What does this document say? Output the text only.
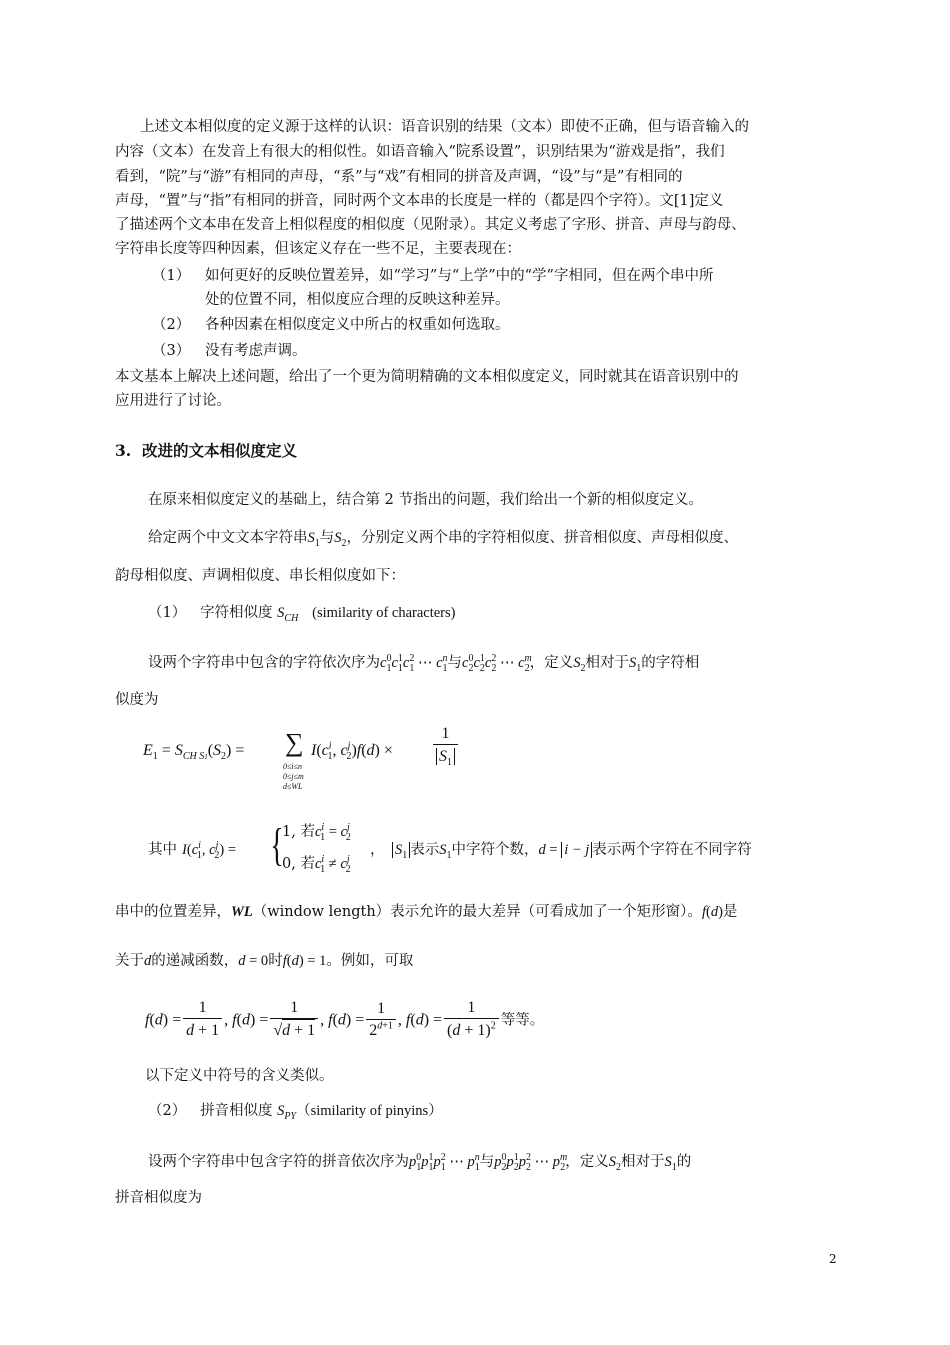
上述文本相似度的定义源于这样的认识：语音识别的结果（文本）即使不正确，但与语音输入的
内容（文本）在发音上有很大的相似性。如语音输入“院系设置”，识别结果为“游戏是指”，我们
看到，“院”与“游”有相同的声母，“系”与“戏”有相同的拼音及声调，“设”与“是”有相同的
声母，“置”与“指”有相同的拼音，同时两个文本串的长度是一样的（都是四个字符）。文[1]定义
了描述两个文本串在发音上相似程度的相似度（见附录）。其定义考虑了字形、拼音、声母与韵母、
字符串长度等四种因素，但该定义存在一些不足，主要表现在：
（1） 如何更好的反映位置差异，如“学习”与“上学”中的“学”字相同，但在两个串中所
处的位置不同，相似度应合理的反映这种差异。
（2） 各种因素在相似度定义中所占的权重如何选取。
（3） 没有考虑声调。
本文基本上解决上述问题，给出了一个更为简明精确的文本相似度定义，同时就其在语音识别中的
应用进行了讨论。
3. 改进的文本相似度定义
在原来相似度定义的基础上，结合第 2 节指出的问题，我们给出一个新的相似度定义。
给定两个中文文本字符串$S_1$与$S_2$，分别定义两个串的字符相似度、拼音相似度、声母相似度、
韵母相似度、声调相似度、串长相似度如下：
（1） 字符相似度 $S_{CH}$ (similarity of characters)
设两个字符串中包含的字符依次序为$c^0_1c^1_1c^2_1$ ⋯ $c^n_1$与$c^0_2c^1_2c^2_2$ ⋯ $c^m_2$，定义$S_2$相对于$S_1$的字符相
似度为
$E_1 = S_{CH S1}(S_2)$ = ∑
0≤i≤n
0≤j≤m
d≤WL
$I(c^i_1$, $c^j_2)f(d)$ ×	$\frac{1}{S_1}$
其中 $I(c^i_1$, $c^j_2$) = {
1, 若$c^i_1 = c^j_2$
0, 若$c^i_1 \ne c^j_2$
， $S_1$ 表示$S_1$中字符个数，d = i − j 表示两个字符在不同字符
串中的位置差异，WL（window length）表示允许的最大差异（可看成加了一个矩形窗）。f(d)是
关于d的递减函数，d = 0时f(d) = 1。例如，可取
$f(d) = \frac{1}{d + 1}$ , $f(d) = \frac{1}{√d + 1}$ , $f(d) = \frac{1}{2^{d+1}}$ , $f(d) = \frac{1}{(d + 1)^2}$ 等等。
以下定义中符号的含义类似。
（2） 拼音相似度 $S_{PY}(similarity$ of pinyins）
设两个字符串中包含字符的拼音依次序为$p^0_1p^1_1p^2_1$ ⋯ $p^n_1$与$p^0_2p^1_2p^2_2$ ⋯ $p^m_2$，定义$S_2$相对于$S_1$的
拼音相似度为
2
